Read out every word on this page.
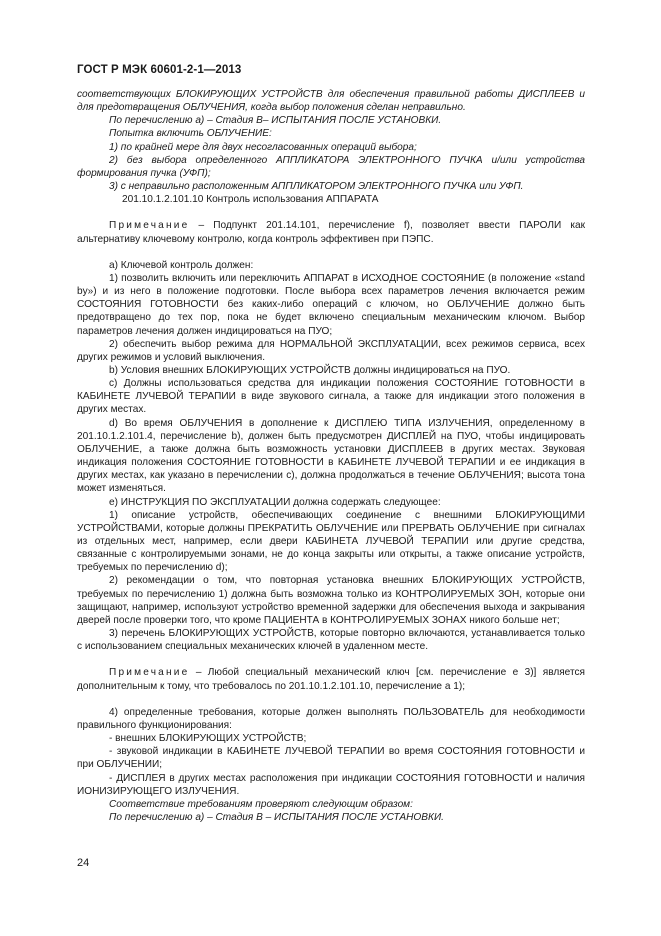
ГОСТ Р МЭК 60601-2-1—2013

соответствующих БЛОКИРУЮЩИХ УСТРОЙСТВ для обеспечения правильной работы ДИСПЛЕЕВ и для предотвращения ОБЛУЧЕНИЯ, когда выбор положения сделан неправильно.

По перечислению а) – Стадия В– ИСПЫТАНИЯ ПОСЛЕ УСТАНОВКИ.

Попытка включить ОБЛУЧЕНИЕ:

1) по крайней мере для двух несогласованных операций выбора;

2) без выбора определенного АППЛИКАТОРА ЭЛЕКТРОННОГО ПУЧКА и/или устройства формирования пучка (УФП);

3) с неправильно расположенным АППЛИКАТОРОМ ЭЛЕКТРОННОГО ПУЧКА или УФП.

201.10.1.2.101.10 Контроль использования АППАРАТА

Примечание – Подпункт 201.14.101, перечисление f), позволяет ввести ПАРОЛИ как альтернативу ключевому контролю, когда контроль эффективен при ПЭПС.

a) Ключевой контроль должен:

1) позволить включить или переключить АППАРАТ в ИСХОДНОЕ СОСТОЯНИЕ (в положение «stand by») и из него в положение подготовки. После выбора всех параметров лечения включается режим СОСТОЯНИЯ ГОТОВНОСТИ без каких-либо операций с ключом, но ОБЛУЧЕНИЕ должно быть предотвращено до тех пор, пока не будет включено специальным механическим ключом. Выбор параметров лечения должен индицироваться на ПУО;

2) обеспечить выбор режима для НОРМАЛЬНОЙ ЭКСПЛУАТАЦИИ, всех режимов сервиса, всех других режимов и условий выключения.

b) Условия внешних БЛОКИРУЮЩИХ УСТРОЙСТВ должны индицироваться на ПУО.

c) Должны использоваться средства для индикации положения СОСТОЯНИЕ ГОТОВНОСТИ в КАБИНЕТЕ ЛУЧЕВОЙ ТЕРАПИИ в виде звукового сигнала, а также для индикации этого положения в других местах.

d) Во время ОБЛУЧЕНИЯ в дополнение к ДИСПЛЕЮ ТИПА ИЗЛУЧЕНИЯ, определенному в 201.10.1.2.101.4, перечисление b), должен быть предусмотрен ДИСПЛЕЙ на ПУО, чтобы индицировать ОБЛУЧЕНИЕ, а также должна быть возможность установки ДИСПЛЕЕВ в других местах. Звуковая индикация положения СОСТОЯНИЕ ГОТОВНОСТИ в КАБИНЕТЕ ЛУЧЕВОЙ ТЕРАПИИ и ее индикация в других местах, как указано в перечислении c), должна продолжаться в течение ОБЛУЧЕНИЯ; высота тона может изменяться.

e) ИНСТРУКЦИЯ ПО ЭКСПЛУАТАЦИИ должна содержать следующее:

1) описание устройств, обеспечивающих соединение с внешними БЛОКИРУЮЩИМИ УСТРОЙСТВАМИ, которые должны ПРЕКРАТИТЬ ОБЛУЧЕНИЕ или ПРЕРВАТЬ ОБЛУЧЕНИЕ при сигналах из отдельных мест, например, если двери КАБИНЕТА ЛУЧЕВОЙ ТЕРАПИИ или другие средства, связанные с контролируемыми зонами, не до конца закрыты или открыты, а также описание устройств, требуемых по перечислению d);

2) рекомендации о том, что повторная установка внешних БЛОКИРУЮЩИХ УСТРОЙСТВ, требуемых по перечислению 1) должна быть возможна только из КОНТРОЛИРУЕМЫХ ЗОН, которые они защищают, например, используют устройство временной задержки для обеспечения выхода и закрывания дверей после проверки того, что кроме ПАЦИЕНТА в КОНТРОЛИРУЕМЫХ ЗОНАХ никого больше нет;

3) перечень БЛОКИРУЮЩИХ УСТРОЙСТВ, которые повторно включаются, устанавливается только с использованием специальных механических ключей в удаленном месте.

Примечание – Любой специальный механический ключ [см. перечисление е 3)] является дополнительным к тому, что требовалось по 201.10.1.2.101.10, перечисление а 1);

4) определенные требования, которые должен выполнять ПОЛЬЗОВАТЕЛЬ для необходимости правильного функционирования:

- внешних БЛОКИРУЮЩИХ УСТРОЙСТВ;

- звуковой индикации в КАБИНЕТЕ ЛУЧЕВОЙ ТЕРАПИИ во время СОСТОЯНИЯ ГОТОВНОСТИ и при ОБЛУЧЕНИИ;

- ДИСПЛЕЯ в других местах расположения при индикации СОСТОЯНИЯ ГОТОВНОСТИ и наличия ИОНИЗИРУЮЩЕГО ИЗЛУЧЕНИЯ.

Соответствие требованиям проверяют следующим образом:

По перечислению а) – Стадия В – ИСПЫТАНИЯ ПОСЛЕ УСТАНОВКИ.

24
